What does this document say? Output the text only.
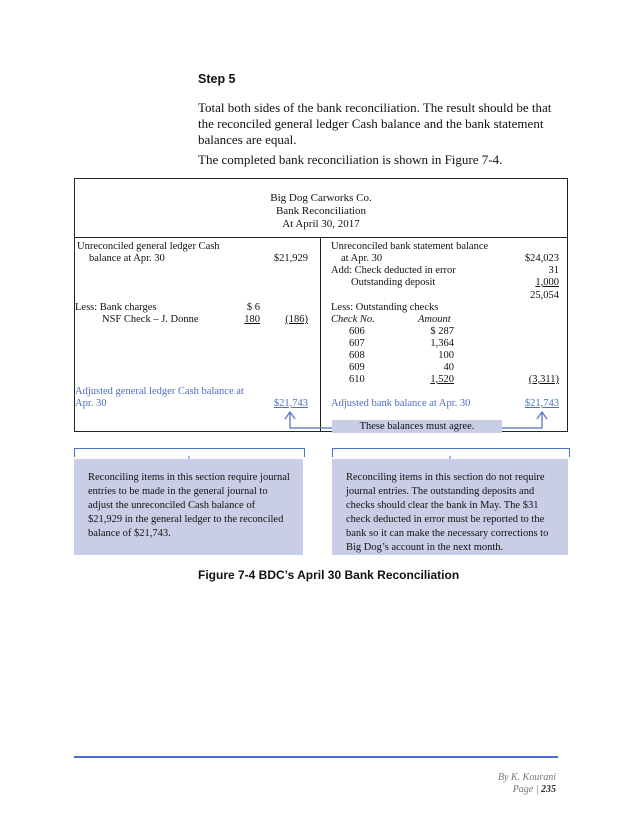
Step 5
Total both sides of the bank reconciliation. The result should be that the reconciled general ledger Cash balance and the bank statement balances are equal.
The completed bank reconciliation is shown in Figure 7-4.
Big Dog Carworks Co.
Bank Reconciliation
At April 30, 2017
Unreconciled general ledger Cash
balance at Apr. 30	$21,929
Less: Bank charges	$ 6
NSF Check – J. Donne	180	(186)
Adjusted general ledger Cash balance at
Apr. 30	$21,743
Unreconciled bank statement balance
at Apr. 30	$24,023
Add: Check deducted in error	31
Outstanding deposit	1,000
25,054
Less: Outstanding checks
Check No.	Amount
606	$ 287
607	1,364
608	100
609	40
610	1,520	(3,311)
Adjusted bank balance at Apr. 30	$21,743
These balances must agree.
Reconciling items in this section require journal entries to be made in the general journal to adjust the unreconciled Cash balance of $21,929 in the general ledger to the reconciled balance of $21,743.
Reconciling items in this section do not require journal entries. The outstanding deposits and checks should clear the bank in May. The $31 check deducted in error must be reported to the bank so it can make the necessary corrections to Big Dog’s account in the next month.
Figure 7-4 BDC’s April 30 Bank Reconciliation
By K. Kourani
Page | 235
